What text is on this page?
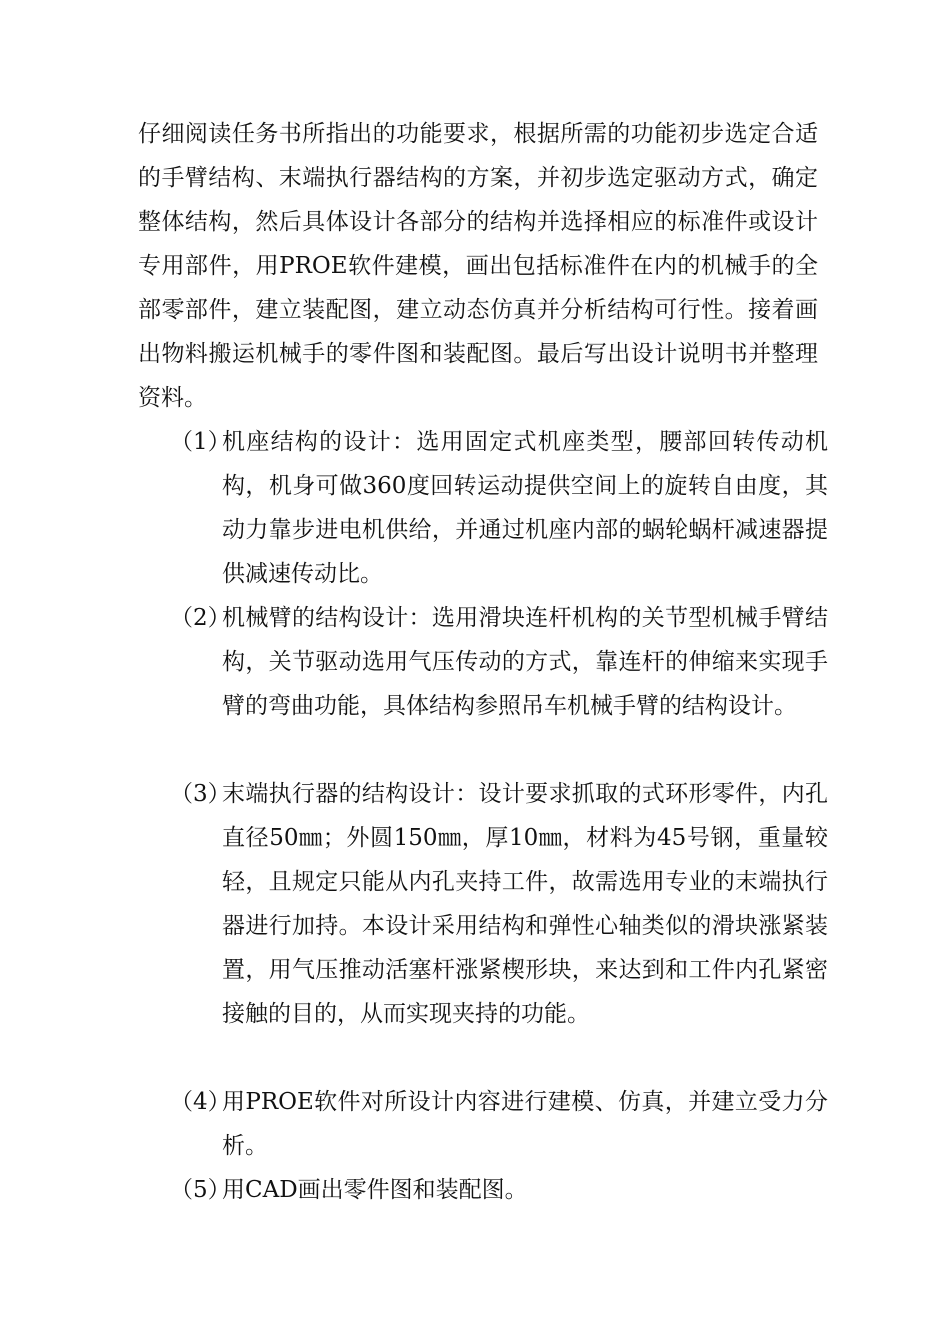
仔细阅读任务书所指出的功能要求，根据所需的功能初步选定合适的手臂结构、末端执行器结构的方案，并初步选定驱动方式，确定整体结构，然后具体设计各部分的结构并选择相应的标准件或设计专用部件，用PROE软件建模，画出包括标准件在内的机械手的全部零部件，建立装配图，建立动态仿真并分析结构可行性。接着画出物料搬运机械手的零件图和装配图。最后写出设计说明书并整理资料。

（1）
机座结构的设计：选用固定式机座类型，腰部回转传动机构，机身可做360度回转运动提供空间上的旋转自由度，其动力靠步进电机供给，并通过机座内部的蜗轮蜗杆减速器提供减速传动比。
（2）
机械臂的结构设计：选用滑块连杆机构的关节型机械手臂结构，关节驱动选用气压传动的方式，靠连杆的伸缩来实现手臂的弯曲功能，具体结构参照吊车机械手臂的结构设计。
（3）
末端执行器的结构设计：设计要求抓取的式环形零件，内孔直径50㎜；外圆150㎜，厚10㎜，材料为45号钢，重量较轻，且规定只能从内孔夹持工件，故需选用专业的末端执行器进行加持。本设计采用结构和弹性心轴类似的滑块涨紧装置，用气压推动活塞杆涨紧楔形块，来达到和工件内孔紧密接触的目的，从而实现夹持的功能。
（4）
用PROE软件对所设计内容进行建模、仿真，并建立受力分析。
（5）
用CAD画出零件图和装配图。
